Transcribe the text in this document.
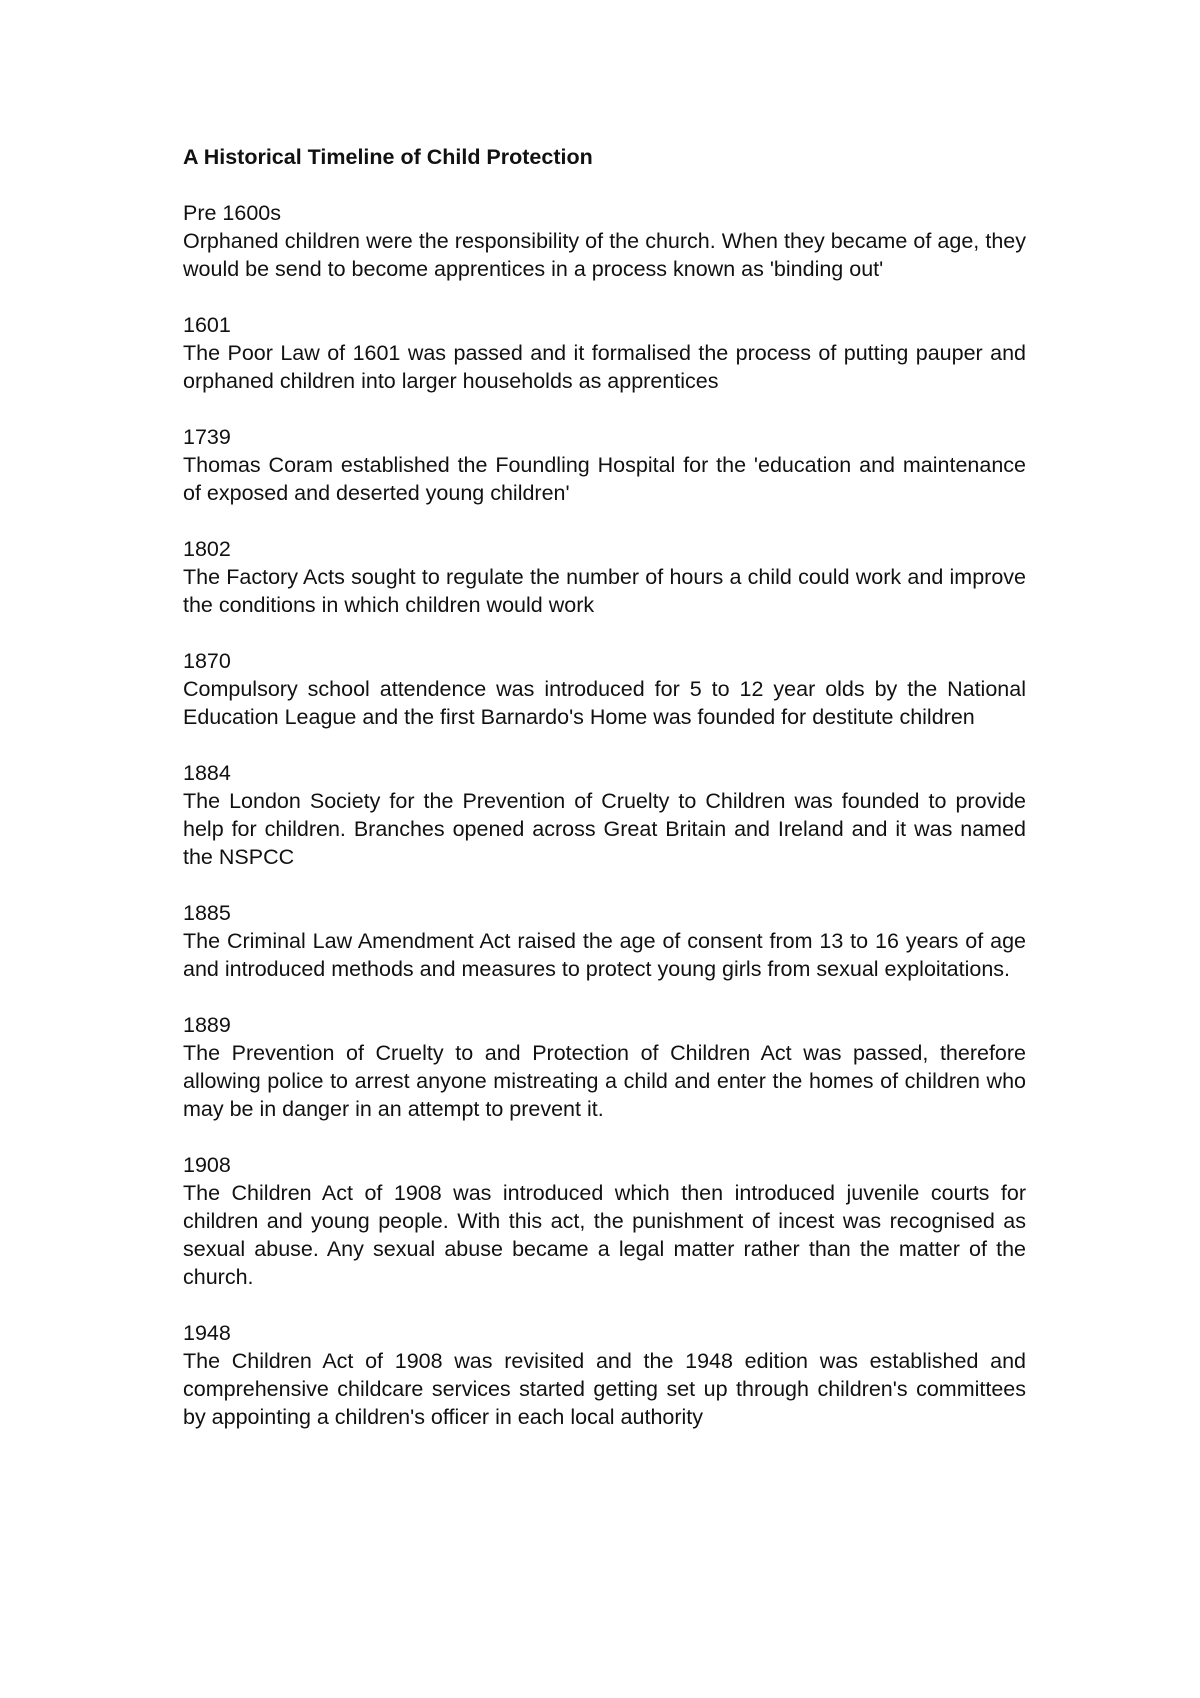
A Historical Timeline of Child Protection
Pre 1600s
Orphaned children were the responsibility of the church. When they became of age, they would be send to become apprentices in a process known as 'binding out'
1601
The Poor Law of 1601 was passed and it formalised the process of putting pauper and orphaned children into larger households as apprentices
1739
Thomas Coram established the Foundling Hospital for the 'education and maintenance of exposed and deserted young children'
1802
The Factory Acts sought to regulate the number of hours a child could work and improve the conditions in which children would work
1870
Compulsory school attendence was introduced for 5 to 12 year olds by the National Education League and the first Barnardo's Home was founded for destitute children
1884
The London Society for the Prevention of Cruelty to Children was founded to provide help for children. Branches opened across Great Britain and Ireland and it was named the NSPCC
1885
The Criminal Law Amendment Act raised the age of consent from 13 to 16 years of age and introduced methods and measures to protect young girls from sexual exploitations.
1889
The Prevention of Cruelty to and Protection of Children Act was passed, therefore allowing police to arrest anyone mistreating a child and enter the homes of children who may be in danger in an attempt to prevent it.
1908
The Children Act of 1908 was introduced which then introduced juvenile courts for children and young people. With this act, the punishment of incest was recognised as sexual abuse. Any sexual abuse became a legal matter rather than the matter of the church.
1948
The Children Act of 1908 was revisited and the 1948 edition was established and comprehensive childcare services started getting set up through children's committees by appointing a children's officer in each local authority
